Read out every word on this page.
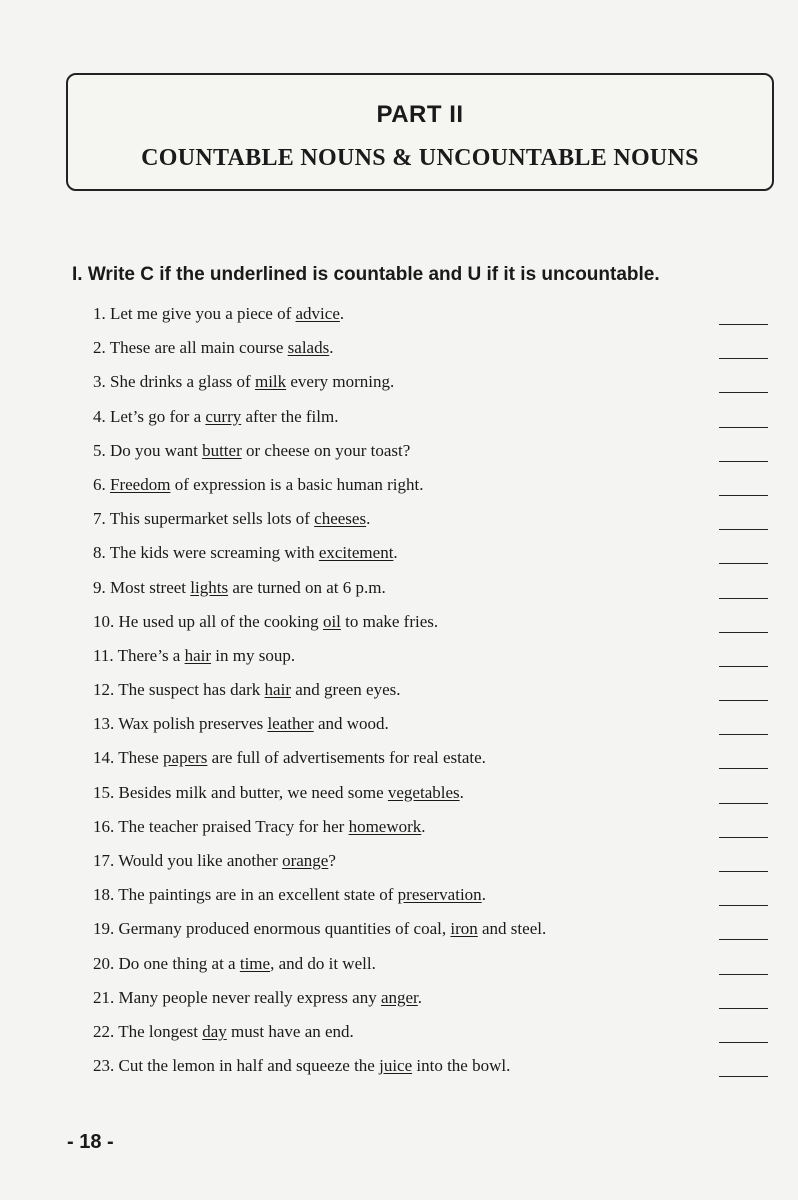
PART II
COUNTABLE NOUNS & UNCOUNTABLE NOUNS
I. Write C if the underlined is countable and U if it is uncountable.
1. Let me give you a piece of advice.
2. These are all main course salads.
3. She drinks a glass of milk every morning.
4. Let’s go for a curry after the film.
5. Do you want butter or cheese on your toast?
6. Freedom of expression is a basic human right.
7. This supermarket sells lots of cheeses.
8. The kids were screaming with excitement.
9. Most street lights are turned on at 6 p.m.
10. He used up all of the cooking oil to make fries.
11. There’s a hair in my soup.
12. The suspect has dark hair and green eyes.
13. Wax polish preserves leather and wood.
14. These papers are full of advertisements for real estate.
15. Besides milk and butter, we need some vegetables.
16. The teacher praised Tracy for her homework.
17. Would you like another orange?
18. The paintings are in an excellent state of preservation.
19. Germany produced enormous quantities of coal, iron and steel.
20. Do one thing at a time, and do it well.
21. Many people never really express any anger.
22. The longest day must have an end.
23. Cut the lemon in half and squeeze the juice into the bowl.
- 18 -
